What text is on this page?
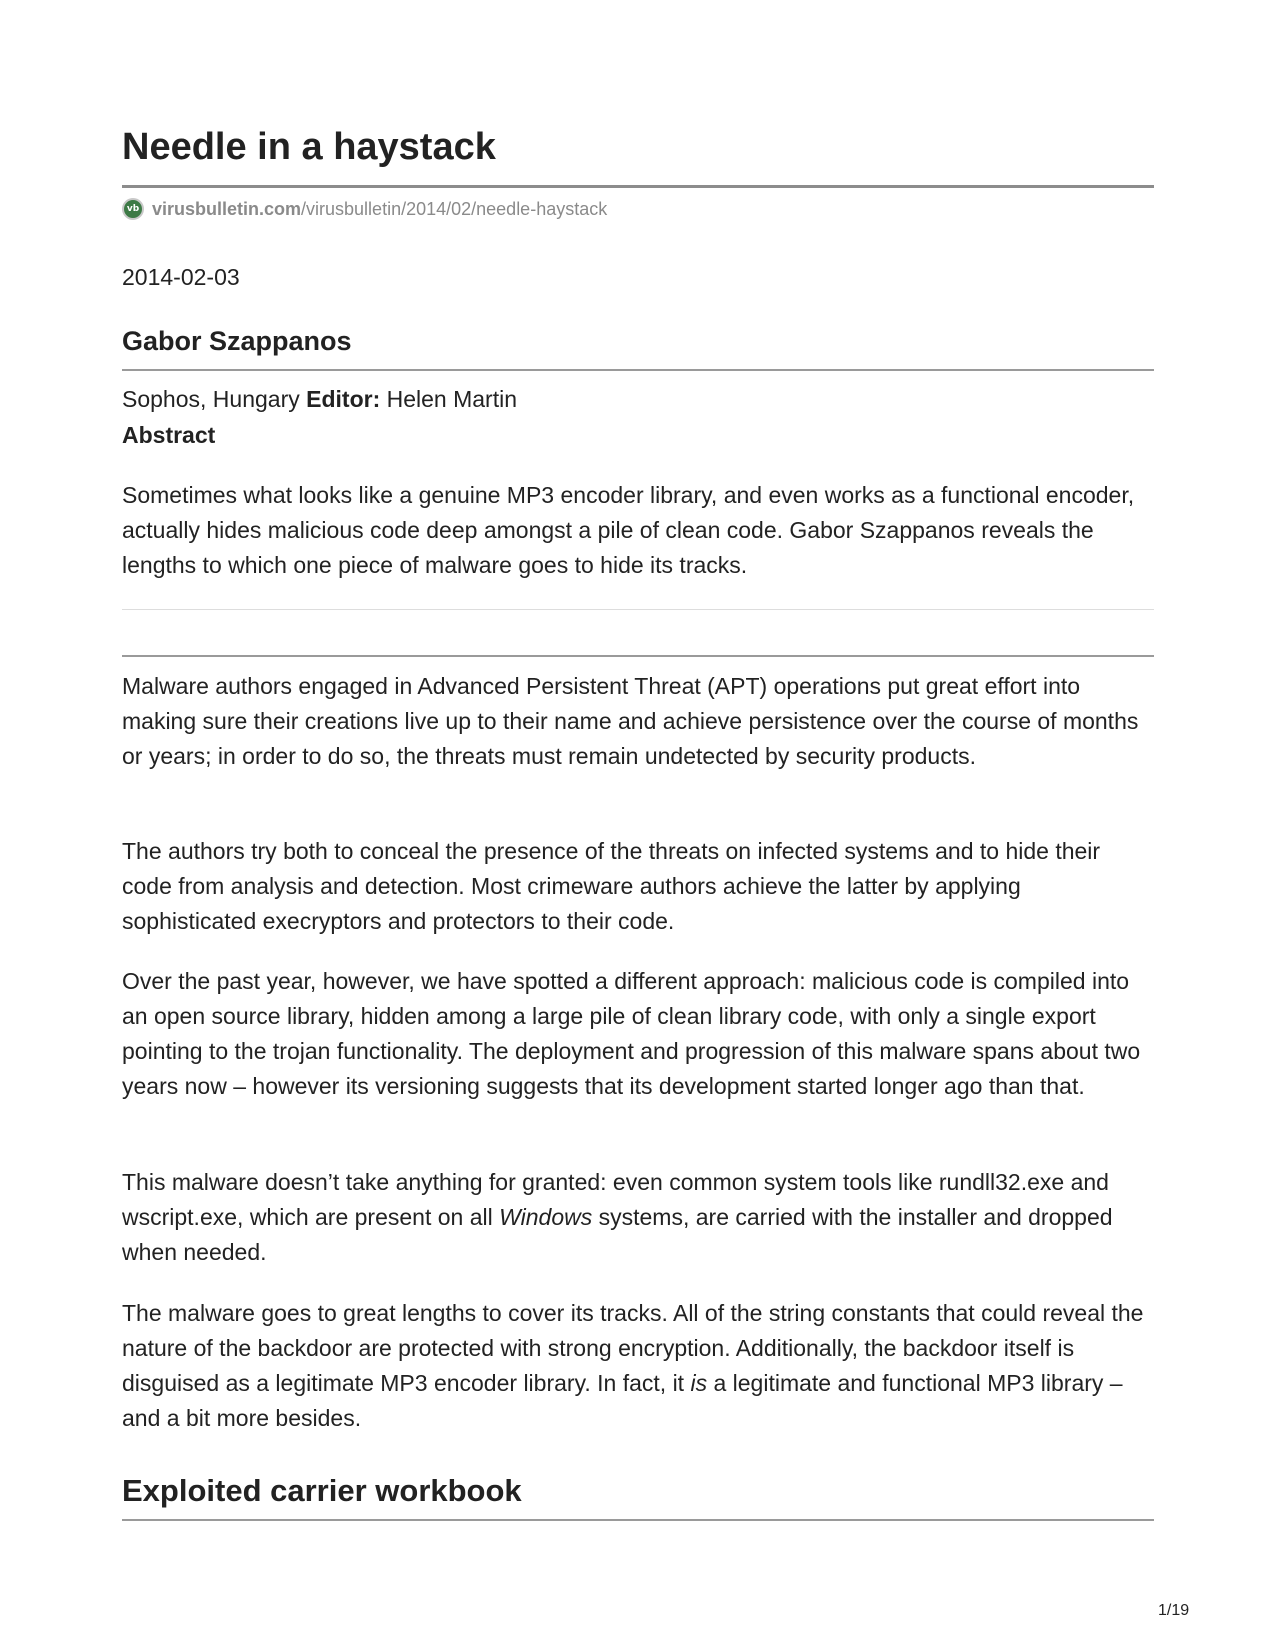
Needle in a haystack
vb virusbulletin.com /virusbulletin/2014/02/needle-haystack
2014-02-03
Gabor Szappanos
Sophos, Hungary Editor: Helen Martin
Abstract

Sometimes what looks like a genuine MP3 encoder library, and even works as a functional encoder, actually hides malicious code deep amongst a pile of clean code. Gabor Szappanos reveals the lengths to which one piece of malware goes to hide its tracks.

Malware authors engaged in Advanced Persistent Threat (APT) operations put great effort into making sure their creations live up to their name and achieve persistence over the course of months or years; in order to do so, the threats must remain undetected by security products.

The authors try both to conceal the presence of the threats on infected systems and to hide their code from analysis and detection. Most crimeware authors achieve the latter by applying sophisticated execryptors and protectors to their code.

Over the past year, however, we have spotted a different approach: malicious code is compiled into an open source library, hidden among a large pile of clean library code, with only a single export pointing to the trojan functionality. The deployment and progression of this malware spans about two years now – however its versioning suggests that its development started longer ago than that.

This malware doesn’t take anything for granted: even common system tools like rundll32.exe and wscript.exe, which are present on all Windows systems, are carried with the installer and dropped when needed.

The malware goes to great lengths to cover its tracks. All of the string constants that could reveal the nature of the backdoor are protected with strong encryption. Additionally, the backdoor itself is disguised as a legitimate MP3 encoder library. In fact, it is a legitimate and functional MP3 library – and a bit more besides.

Exploited carrier workbook
1/19
